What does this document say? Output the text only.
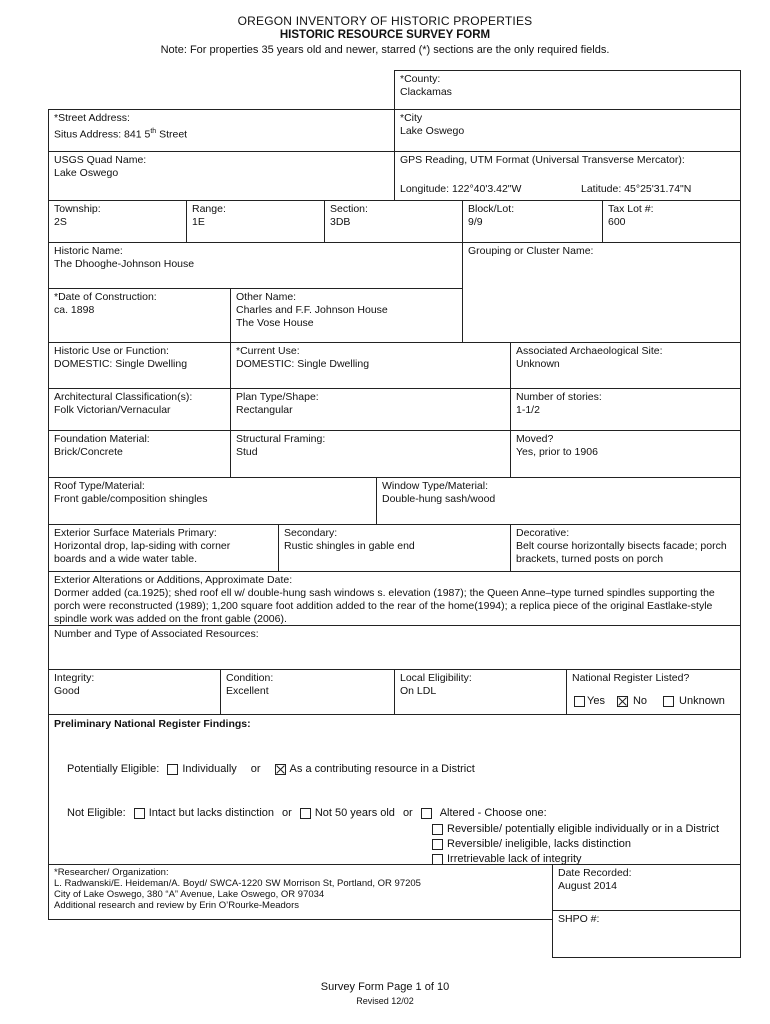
OREGON INVENTORY OF HISTORIC PROPERTIES
HISTORIC RESOURCE SURVEY FORM
Note: For properties 35 years old and newer, starred (*) sections are the only required fields.
*County:
Clackamas
*Street Address:
Situs Address: 841 5th Street
*City
Lake Oswego
USGS Quad Name:
Lake Oswego
GPS Reading, UTM Format (Universal Transverse Mercator):
Longitude: 122°40'3.42"W	Latitude: 45°25'31.74"N
Township:
2S
Range:
1E
Section:
3DB
Block/Lot:
9/9
Tax Lot #:
600
Historic Name:
The Dhooghe-Johnson House
Grouping or Cluster Name:
*Date of Construction:
ca. 1898
Other Name:
Charles and F.F. Johnson House
The Vose House
Historic Use or Function:
DOMESTIC: Single Dwelling
*Current Use:
DOMESTIC: Single Dwelling
Associated Archaeological Site:
Unknown
Architectural Classification(s):
Folk Victorian/Vernacular
Plan Type/Shape:
Rectangular
Number of stories:
1-1/2
Foundation Material:
Brick/Concrete
Structural Framing:
Stud
Moved?
Yes, prior to 1906
Roof Type/Material:
Front gable/composition shingles
Window Type/Material:
Double-hung sash/wood
Exterior Surface Materials Primary:
Horizontal drop, lap-siding with corner boards and a wide water table.
Secondary:
Rustic shingles in gable end
Decorative:
Belt course horizontally bisects facade; porch brackets, turned posts on porch
Exterior Alterations or Additions, Approximate Date:
Dormer added (ca.1925); shed roof ell w/ double-hung sash windows s. elevation (1987); the Queen Anne–type turned spindles supporting the porch were reconstructed (1989); 1,200 square foot addition added to the rear of the home(1994); a replica piece of the original Eastlake-style spindle work was added on the front gable (2006).
Number and Type of Associated Resources:
Integrity:
Good
Condition:
Excellent
Local Eligibility:
On LDL
National Register Listed?
Yes	No	Unknown
Preliminary National Register Findings:
Potentially Eligible: Individually or	As a contributing resource in a District
Not Eligible: Intact but lacks distinction or Not 50 years old or Altered - Choose one:
Reversible/ potentially eligible individually or in a District
Reversible/ ineligible, lacks distinction
Irretrievable lack of integrity
*Researcher/ Organization:
L. Radwanski/E. Heideman/A. Boyd/ SWCA-1220 SW Morrison St, Portland, OR 97205
City of Lake Oswego, 380 “A” Avenue, Lake Oswego, OR 97034
Additional research and review by Erin O’Rourke-Meadors
Date Recorded:
August 2014
SHPO #:
Survey Form Page 1 of 10
Revised 12/02
